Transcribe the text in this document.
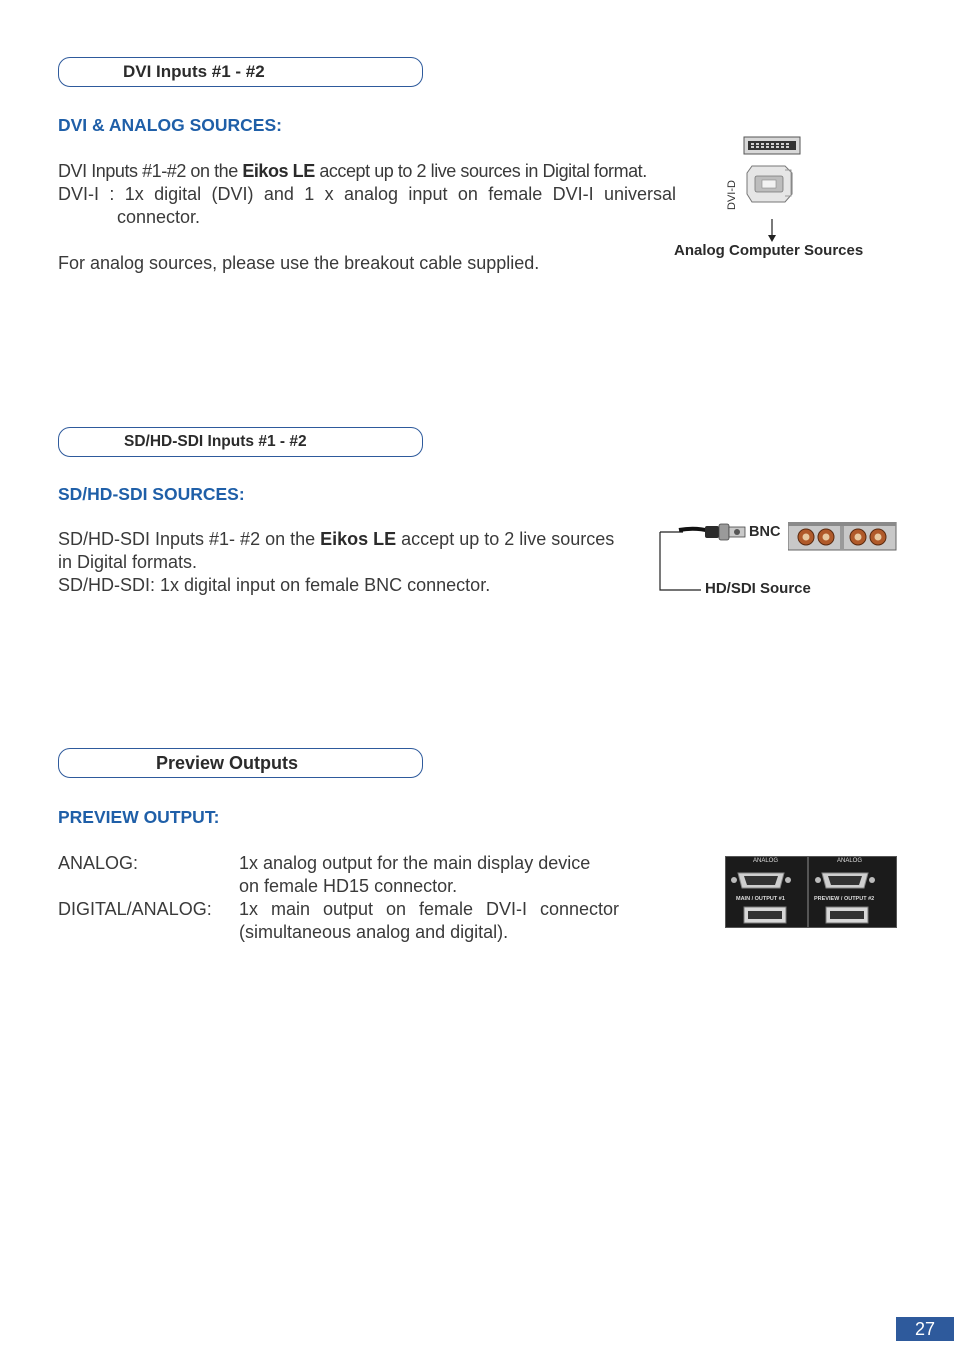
DVI Inputs #1 - #2
DVI & ANALOG SOURCES:
DVI Inputs #1-#2 on the Eikos LE accept up to 2 live sources in Digital format.
DVI-I : 1x digital (DVI) and 1 x analog input on female DVI-I universal
connector.
For analog sources, please use the breakout cable supplied.
DVI-D
Analog Computer Sources
SD/HD-SDI Inputs #1 - #2
SD/HD-SDI SOURCES:
SD/HD-SDI Inputs #1- #2 on the Eikos LE accept up to 2 live sources
in Digital formats.
SD/HD-SDI: 1x digital input on female BNC connector.
BNC
HD/SDI Source
Preview Outputs
PREVIEW OUTPUT:
ANALOG:	1x analog output for the main display device
on female HD15 connector.
DIGITAL/ANALOG: 1x main output on female DVI-I connector
(simultaneous analog and digital).
ANALOG	ANALOG
MAIN / OUTPUT #1	PREVIEW / OUTPUT #2
27
